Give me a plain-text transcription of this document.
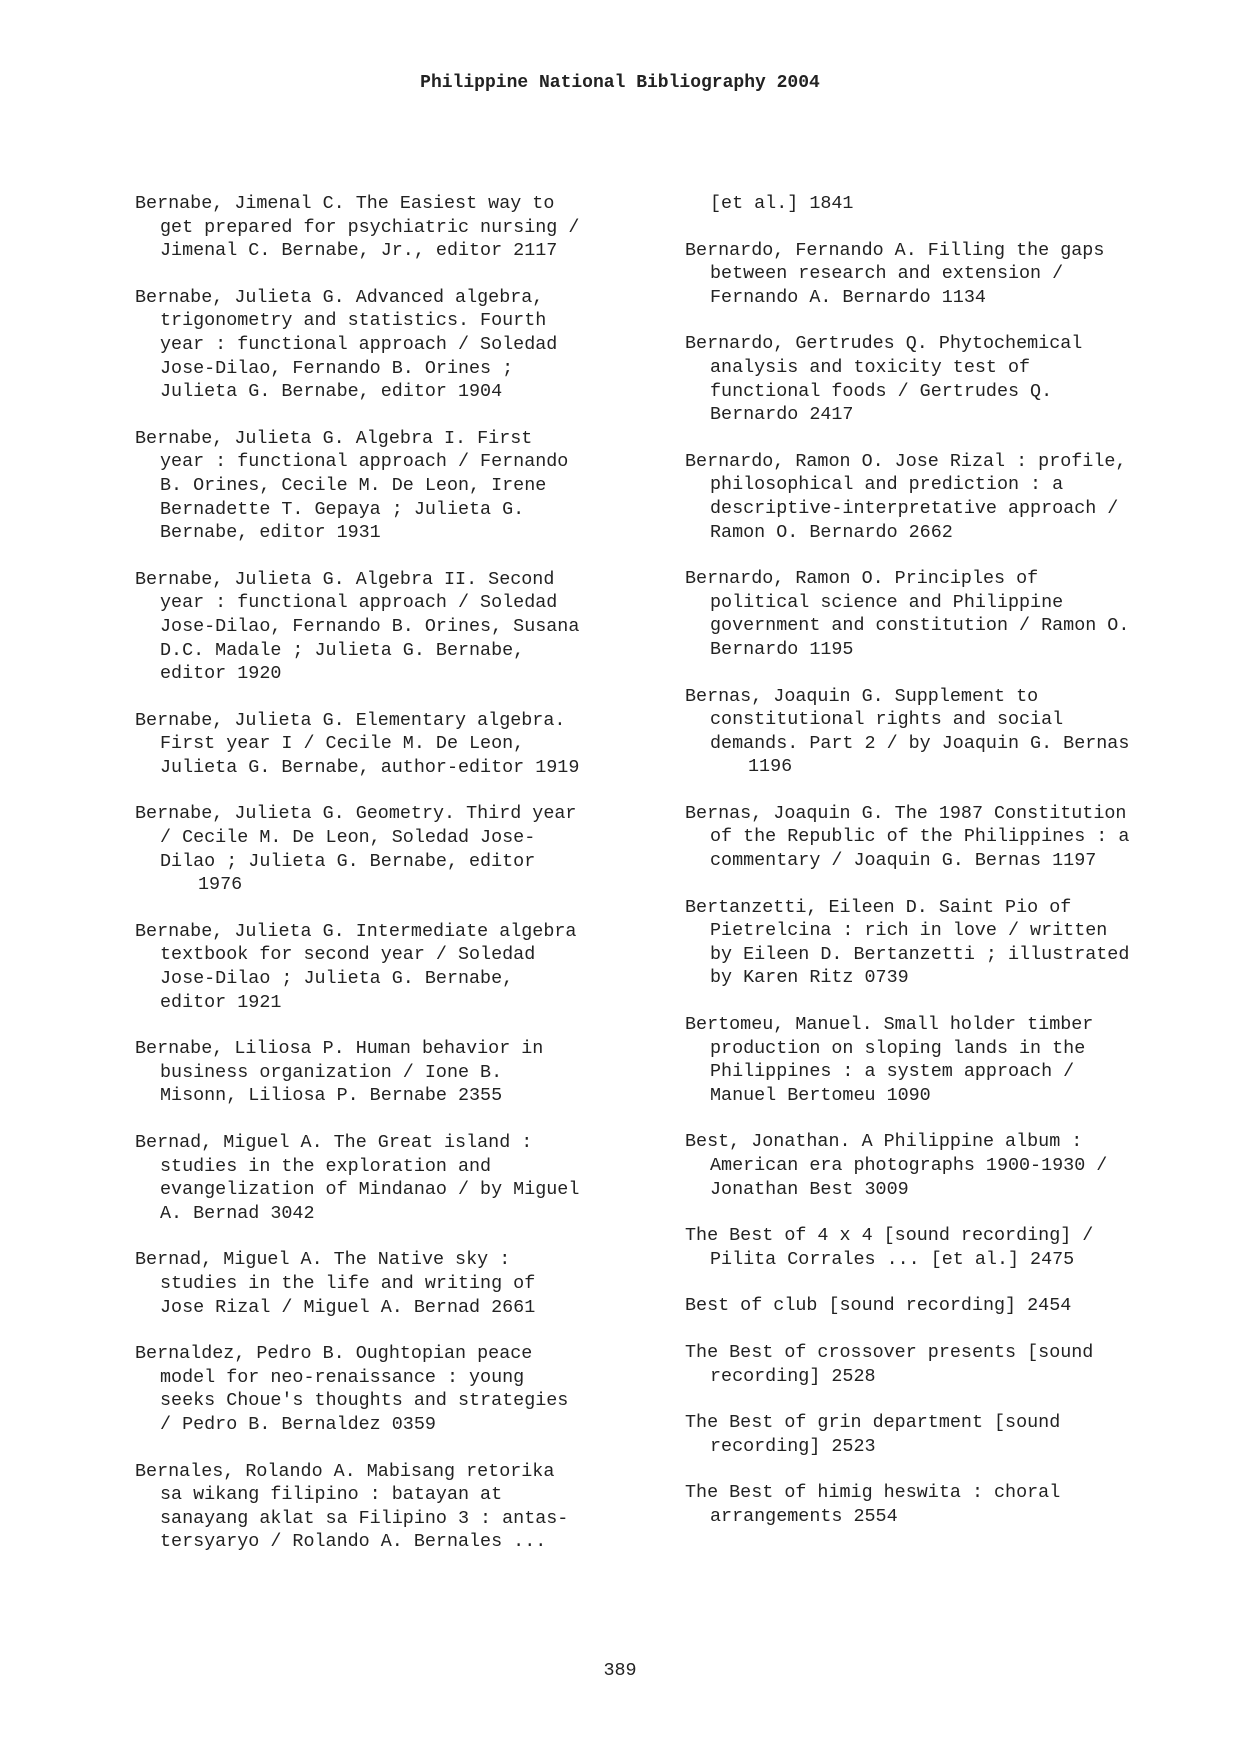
Philippine National Bibliography 2004
Bernabe, Jimenal C. The Easiest way to
get prepared for psychiatric nursing /
Jimenal C. Bernabe, Jr., editor 2117
Bernabe, Julieta G. Advanced algebra,
trigonometry and statistics. Fourth
year : functional approach / Soledad
Jose-Dilao, Fernando B. Orines ;
Julieta G. Bernabe, editor 1904
Bernabe, Julieta G. Algebra I. First
year : functional approach / Fernando
B. Orines, Cecile M. De Leon, Irene
Bernadette T. Gepaya ; Julieta G.
Bernabe, editor 1931
Bernabe, Julieta G. Algebra II. Second
year : functional approach / Soledad
Jose-Dilao, Fernando B. Orines, Susana
D.C. Madale ; Julieta G. Bernabe,
editor 1920
Bernabe, Julieta G. Elementary algebra.
First year I / Cecile M. De Leon,
Julieta G. Bernabe, author-editor 1919
Bernabe, Julieta G. Geometry. Third year
/ Cecile M. De Leon, Soledad Jose-
Dilao ; Julieta G. Bernabe, editor
1976
Bernabe, Julieta G. Intermediate algebra
textbook for second year / Soledad
Jose-Dilao ; Julieta G. Bernabe,
editor 1921
Bernabe, Liliosa P. Human behavior in
business organization / Ione B.
Misonn, Liliosa P. Bernabe 2355
Bernad, Miguel A. The Great island :
studies in the exploration and
evangelization of Mindanao / by Miguel
A. Bernad 3042
Bernad, Miguel A. The Native sky :
studies in the life and writing of
Jose Rizal / Miguel A. Bernad 2661
Bernaldez, Pedro B. Oughtopian peace
model for neo-renaissance : young
seeks Choue's thoughts and strategies
/ Pedro B. Bernaldez 0359
Bernales, Rolando A. Mabisang retorika
sa wikang filipino : batayan at
sanayang aklat sa Filipino 3 : antas-
tersyaryo / Rolando A. Bernales ...
[et al.] 1841
Bernardo, Fernando A. Filling the gaps
between research and extension /
Fernando A. Bernardo 1134
Bernardo, Gertrudes Q. Phytochemical
analysis and toxicity test of
functional foods / Gertrudes Q.
Bernardo 2417
Bernardo, Ramon O. Jose Rizal : profile,
philosophical and prediction : a
descriptive-interpretative approach /
Ramon O. Bernardo 2662
Bernardo, Ramon O. Principles of
political science and Philippine
government and constitution / Ramon O.
Bernardo 1195
Bernas, Joaquin G. Supplement to
constitutional rights and social
demands. Part 2 / by Joaquin G. Bernas
1196
Bernas, Joaquin G. The 1987 Constitution
of the Republic of the Philippines : a
commentary / Joaquin G. Bernas 1197
Bertanzetti, Eileen D. Saint Pio of
Pietrelcina : rich in love / written
by Eileen D. Bertanzetti ; illustrated
by Karen Ritz 0739
Bertomeu, Manuel. Small holder timber
production on sloping lands in the
Philippines : a system approach /
Manuel Bertomeu 1090
Best, Jonathan. A Philippine album :
American era photographs 1900-1930 /
Jonathan Best 3009
The Best of 4 x 4 [sound recording] /
Pilita Corrales ... [et al.] 2475
Best of club [sound recording] 2454
The Best of crossover presents [sound
recording] 2528
The Best of grin department [sound
recording] 2523
The Best of himig heswita : choral
arrangements 2554
389
